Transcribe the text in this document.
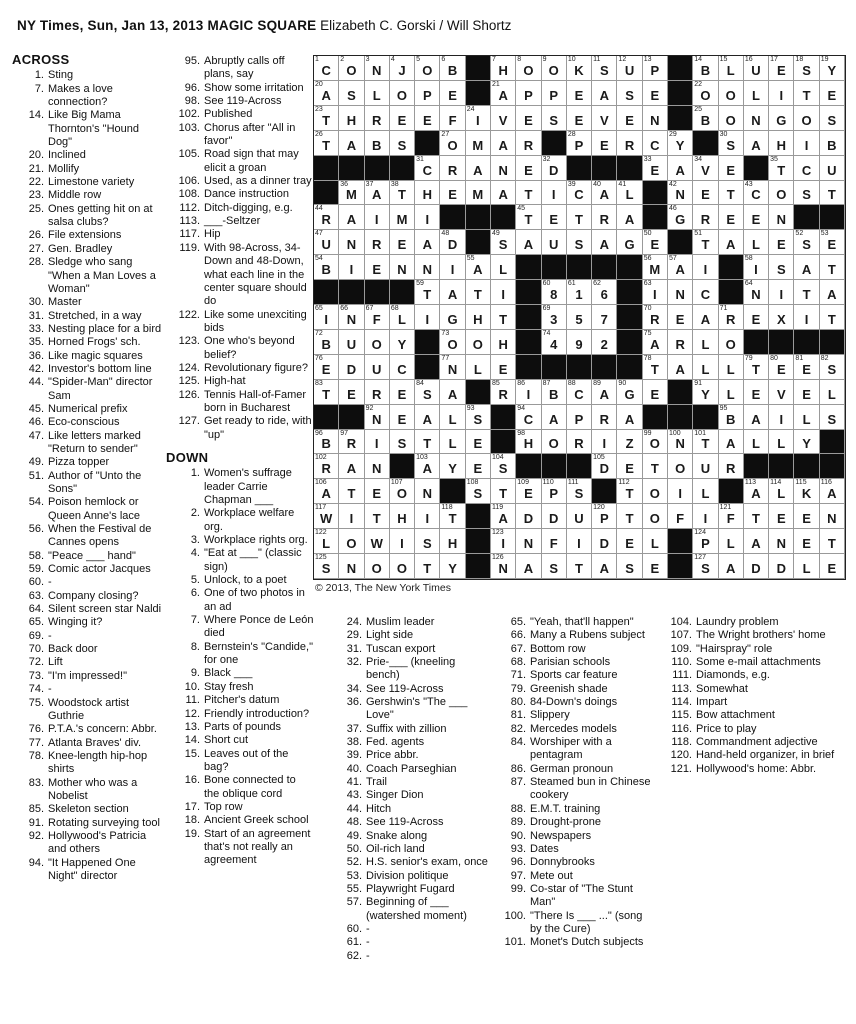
NY Times, Sun, Jan 13, 2013 MAGIC SQUARE Elizabeth C. Gorski / Will Shortz
ACROSS
1. Sting
7. Makes a love connection?
14. Like Big Mama Thornton's "Hound Dog"
20. Inclined
21. Mollify
22. Limestone variety
23. Middle row
25. Ones getting hit on at salsa clubs?
26. File extensions
27. Gen. Bradley
28. Sledge who sang "When a Man Loves a Woman"
30. Master
31. Stretched, in a way
33. Nesting place for a bird
35. Horned Frogs' sch.
36. Like magic squares
42. Investor's bottom line
44. "Spider-Man" director Sam
45. Numerical prefix
46. Eco-conscious
47. Like letters marked "Return to sender"
49. Pizza topper
51. Author of "Unto the Sons"
54. Poison hemlock or Queen Anne's lace
56. When the Festival de Cannes opens
58. "Peace ___ hand"
59. Comic actor Jacques
60. -
63. Company closing?
64. Silent screen star Naldi
65. Winging it?
69. -
70. Back door
72. Lift
73. "I'm impressed!"
74. -
75. Woodstock artist Guthrie
76. P.T.A.'s concern: Abbr.
77. Atlanta Braves' div.
78. Knee-length hip-hop shirts
83. Mother who was a Nobelist
85. Skeleton section
91. Rotating surveying tool
92. Hollywood's Patricia and others
94. "It Happened One Night" director
95. Abruptly calls off plans, say
96. Show some irritation
98. See 119-Across
102. Published
103. Chorus after "All in favor"
105. Road sign that may elicit a groan
106. Used, as a dinner tray
108. Dance instruction
112. Ditch-digging, e.g.
113. ___-Seltzer
117. Hip
119. With 98-Across, 34-Down and 48-Down, what each line in the center square should do
122. Like some unexciting bids
123. One who's beyond belief?
124. Revolutionary figure?
125. High-hat
126. Tennis Hall-of-Famer born in Bucharest
127. Get ready to ride, with "up"
DOWN
1. Women's suffrage leader Carrie Chapman ___
2. Workplace welfare org.
3. Workplace rights org.
4. "Eat at ___" (classic sign)
5. Unlock, to a poet
6. One of two photos in an ad
7. Where Ponce de León died
8. Bernstein's "Candide," for one
9. Black ___
10. Stay fresh
11. Pitcher's datum
12. Friendly introduction?
13. Parts of pounds
14. Short cut
15. Leaves out of the bag?
16. Bone connected to the oblique cord
17. Top row
18. Ancient Greek school
19. Start of an agreement that's not really an agreement
1
C
2
O
3
N
4
J
5
O
6
B
7
H
8
O
9
O
10
K
11
S
12
U
13
P
14
B
15
L
16
U
17
E
18
S
19
Y
20
A S L O P E
21
A P P E A S E
22
O O L I T E
23
T H R E E F
24
I V E S E V E N
25
B O N G O S
26
T A B S
27
O M A R
28
P E R C
29
Y
30
S A H I B
31
C R A N E
32
D
33
E A
34
V E
35
T C U
36
M
37
A
38
T H E M A T I
39
C
40
A
41
L
42
N E T
43
C O S T
44
R A I M I
45
T E T R A
46
G R E E N
47
U N R E A
48
D
49
S A U S A G
50
E
51
T A L E
52
S
53
E
54
B I E N N I
55
A L
56
M
57
A I
58
I S A T
59
T A T I
60
8
61
1
62
6
63
I N C
64
N I T A
65
I
66
N
67
F
68
L I G H T
69
3 5 7
70
R E A
71
R E X I T
72
B U O Y
73
O O H
74
4 9 2
75
A R L O
76
E D U C
77
N L E
78
T A L L
79
T
80
E
81
E
82
S
83
T E R E
84
S A
85
R
86
I
87
B
88
C
89
A
90
G E
91
Y L E V E L
92
N E A L
93
S
94
C A P R A
95
B A I L S
96
B
97
R I S T L E
98
H O R I Z
99
O
100
N
101
T A L L Y
102
R A N
103
A Y E
104
S
105
D E T O U R
106
A T E
107
O N
108
S T
109
E
110
P
111
S
112
T O I L
113
A
114
L
115
K
116
A
117
W I T H I
118
T
119
A D D U
120
P T O F I
121
F T E E N
122
L O W I S H
123
I N F I D E L
124
P L A N E T
125
S N O O T Y
126
N A S T A S E
127
S A D D L E
© 2013, The New York Times
24. Muslim leader
29. Light side
31. Tuscan export
32. Prie-___ (kneeling bench)
34. See 119-Across
36. Gershwin's "The ___ Love"
37. Suffix with zillion
38. Fed. agents
39. Price abbr.
40. Coach Parseghian
41. Trail
43. Singer Dion
44. Hitch
48. See 119-Across
49. Snake along
50. Oil-rich land
52. H.S. senior's exam, once
53. Division politique
55. Playwright Fugard
57. Beginning of ___ (watershed moment)
60. -
61. -
62. -
65. "Yeah, that'll happen"
66. Many a Rubens subject
67. Bottom row
68. Parisian schools
71. Sports car feature
79. Greenish shade
80. 84-Down's doings
81. Slippery
82. Mercedes models
84. Worshiper with a pentagram
86. German pronoun
87. Steamed bun in Chinese cookery
88. E.M.T. training
89. Drought-prone
90. Newspapers
93. Dates
96. Donnybrooks
97. Mete out
99. Co-star of "The Stunt Man"
100. "There Is ___ ..." (song by the Cure)
101. Monet's Dutch subjects
104. Laundry problem
107. The Wright brothers' home
109. "Hairspray" role
110. Some e-mail attachments
111. Diamonds, e.g.
113. Somewhat
114. Impart
115. Bow attachment
116. Price to play
118. Commandment adjective
120. Hand-held organizer, in brief
121. Hollywood's home: Abbr.
